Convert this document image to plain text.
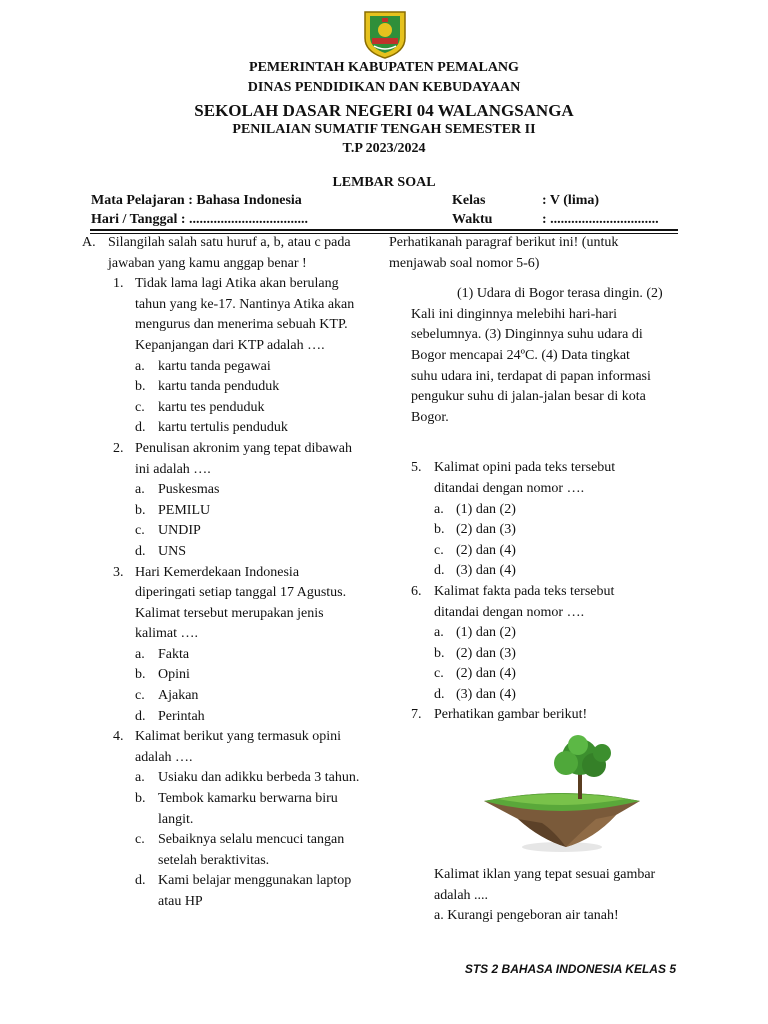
PEMERINTAH KABUPATEN PEMALANG
DINAS PENDIDIKAN DAN KEBUDAYAAN
SEKOLAH DASAR NEGERI 04 WALANGSANGA
PENILAIAN SUMATIF TENGAH SEMESTER II
T.P 2023/2024
LEMBAR SOAL
Mata Pelajaran : Bahasa Indonesia
Hari / Tanggal : ..................................
Kelas	: V (lima)
Waktu	: ...............................
A. Silangilah salah satu huruf a, b, atau c pada
jawaban yang kamu anggap benar !
1. Tidak lama lagi Atika akan berulang
tahun yang ke-17. Nantinya Atika akan
mengurus dan menerima sebuah KTP.
Kepanjangan dari KTP adalah ….
a. kartu tanda pegawai
b. kartu tanda penduduk
c. kartu tes penduduk
d. kartu tertulis penduduk
2. Penulisan akronim yang tepat dibawah
ini adalah ….
a. Puskesmas
b. PEMILU
c. UNDIP
d. UNS
3. Hari Kemerdekaan Indonesia
diperingati setiap tanggal 17 Agustus.
Kalimat tersebut merupakan jenis
kalimat ….
a. Fakta
b. Opini
c. Ajakan
d. Perintah
4. Kalimat berikut yang termasuk opini
adalah ….
a. Usiaku dan adikku berbeda 3 tahun.
b. Tembok kamarku berwarna biru
langit.
c. Sebaiknya selalu mencuci tangan
setelah beraktivitas.
d. Kami belajar menggunakan laptop
atau HP
Perhatikanah paragraf berikut ini! (untuk
menjawab soal nomor 5-6)
(1) Udara di Bogor terasa dingin. (2)
Kali ini dinginnya melebihi hari-hari
sebelumnya. (3) Dinginnya suhu udara di
Bogor mencapai 24ºC. (4) Data tingkat
suhu udara ini, terdapat di papan informasi
pengukur suhu di jalan-jalan besar di kota
Bogor.
5. Kalimat opini pada teks tersebut
ditandai dengan nomor ….
a. (1) dan (2)
b. (2) dan (3)
c. (2) dan (4)
d. (3) dan (4)
6. Kalimat fakta pada teks tersebut
ditandai dengan nomor ….
a. (1) dan (2)
b. (2) dan (3)
c. (2) dan (4)
d. (3) dan (4)
7. Perhatikan gambar berikut!
Kalimat iklan yang tepat sesuai gambar
adalah ....
a. Kurangi pengeboran air tanah!
STS 2 BAHASA INDONESIA KELAS 5
